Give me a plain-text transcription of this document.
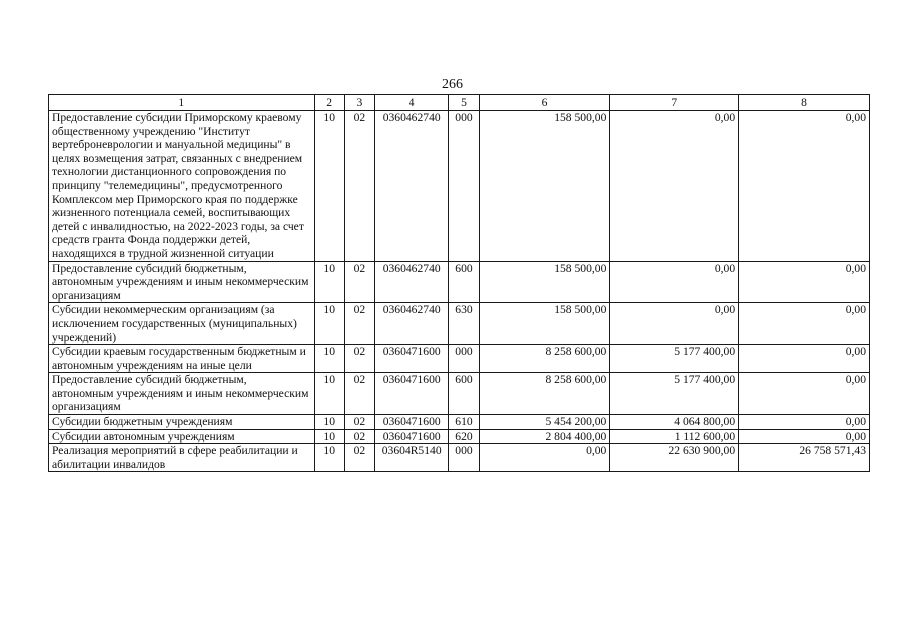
266
1	2	3	4	5	6	7	8
Предоставление субсидии Приморскому краевому общественному учреждению "Институт вертеброневрологии и мануальной медицины" в целях возмещения затрат, связанных с внедрением технологии дистанционного сопровождения по принципу "телемедицины", предусмотренного Комплексом мер Приморского края по поддержке жизненного потенциала семей, воспитывающих детей с инвалидностью, на 2022-2023 годы, за счет средств гранта Фонда поддержки детей, находящихся в трудной жизненной ситуации	10	02	0360462740	000	158 500,00	0,00	0,00
Предоставление субсидий бюджетным, автономным учреждениям и иным некоммерческим организациям	10	02	0360462740	600	158 500,00	0,00	0,00
Субсидии некоммерческим организациям (за исключением государственных (муниципальных) учреждений)	10	02	0360462740	630	158 500,00	0,00	0,00
Субсидии краевым государственным бюджетным и автономным учреждениям на иные цели	10	02	0360471600	000	8 258 600,00	5 177 400,00	0,00
Предоставление субсидий бюджетным, автономным учреждениям и иным некоммерческим организациям	10	02	0360471600	600	8 258 600,00	5 177 400,00	0,00
Субсидии бюджетным учреждениям	10	02	0360471600	610	5 454 200,00	4 064 800,00	0,00
Субсидии автономным учреждениям	10	02	0360471600	620	2 804 400,00	1 112 600,00	0,00
Реализация мероприятий в сфере реабилитации и абилитации инвалидов	10	02	03604R5140	000	0,00	22 630 900,00	26 758 571,43
